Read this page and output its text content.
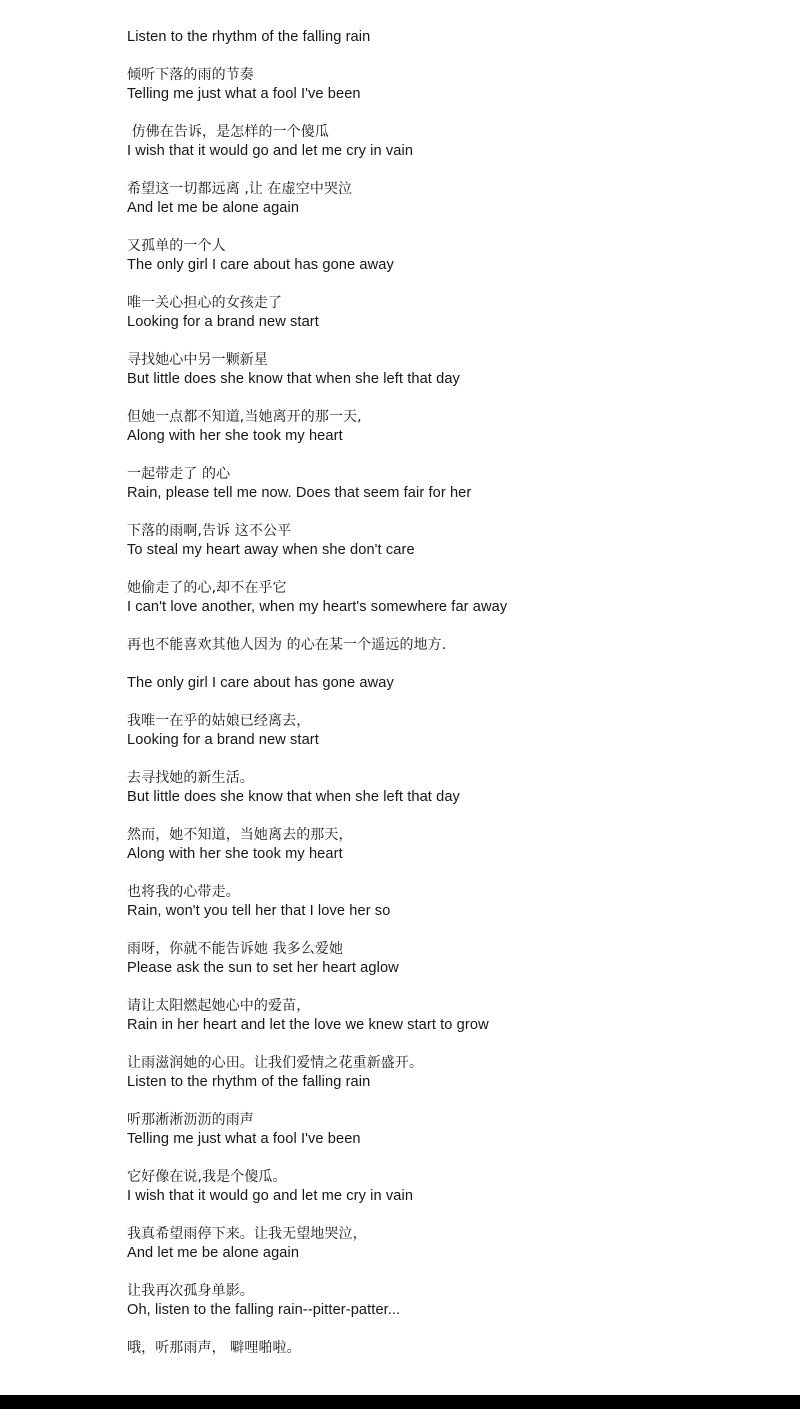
Listen to the rhythm of the falling rain
倾听下落的雨的节奏
Telling me just what a fool I've been
仿佛在告诉，是怎样的一个傻瓜
I wish that it would go and let me cry in vain
希望这一切都远离 ,让 在虚空中哭泣
And let me be alone again
又孤单的一个人
The only girl I care about has gone away
唯一关心担心的女孩走了
Looking for a brand new start
寻找她心中另一颗新星
But little does she know that when she left that day
但她一点都不知道,当她离开的那一天,
Along with her she took my heart
一起带走了 的心
Rain, please tell me now. Does that seem fair for her
下落的雨啊,告诉 这不公平
To steal my heart away when she don't care
她偷走了的心,却不在乎它
I can't love another, when my heart's somewhere far away
再也不能喜欢其他人因为 的心在某一个遥远的地方.
The only girl I care about has gone away
我唯一在乎的姑娘已经离去，
Looking for a brand new start
去寻找她的新生活。
But little does she know that when she left that day
然而，她不知道，当她离去的那天，
Along with her she took my heart
也将我的心带走。
Rain, won't you tell her that I love her so
雨呀，你就不能告诉她 我多么爱她
Please ask the sun to set her heart aglow
请让太阳燃起她心中的爱苗，
Rain in her heart and let the love we knew start to grow
让雨滋润她的心田。让我们爱情之花重新盛开。
Listen to the rhythm of the falling rain
听那淅淅沥沥的雨声
Telling me just what a fool I've been
它好像在说,我是个傻瓜。
I wish that it would go and let me cry in vain
我真希望雨停下来。让我无望地哭泣，
And let me be alone again
让我再次孤身单影。
Oh, listen to the falling rain--pitter-patter...
哦，听那雨声， 噼哩啪啦。
